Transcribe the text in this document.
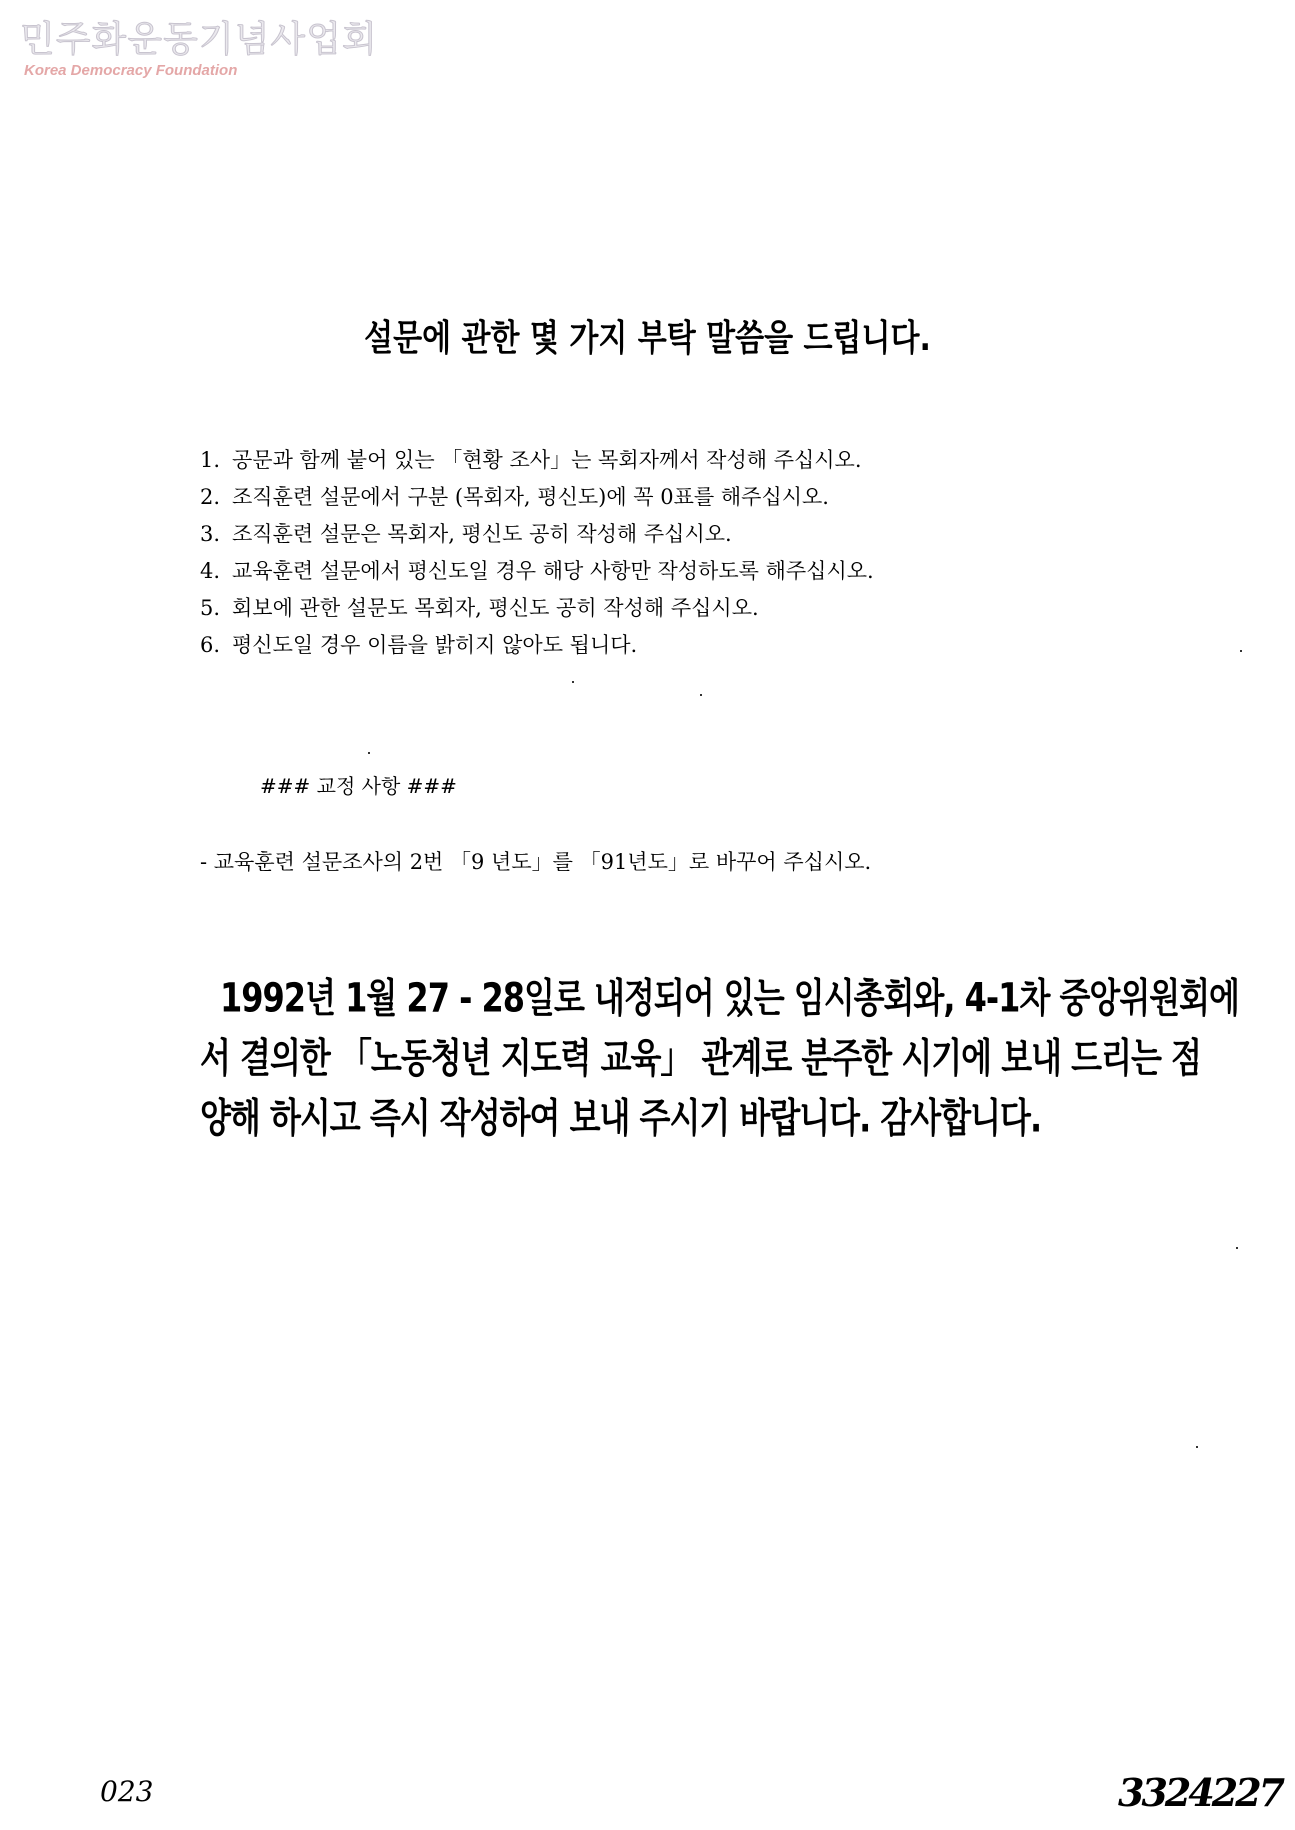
민주화운동기념사업회
Korea Democracy Foundation
설문에 관한 몇 가지 부탁 말씀을 드립니다.
1. 공문과 함께 붙어 있는 「현황 조사」는 목회자께서 작성해 주십시오.
2. 조직훈련 설문에서 구분 (목회자, 평신도)에 꼭 0표를 해주십시오.
3. 조직훈련 설문은 목회자, 평신도 공히 작성해 주십시오.
4. 교육훈련 설문에서 평신도일 경우 해당 사항만 작성하도록 해주십시오.
5. 회보에 관한 설문도 목회자, 평신도 공히 작성해 주십시오.
6. 평신도일 경우 이름을 밝히지 않아도 됩니다.
### 교정 사항 ###
- 교육훈련 설문조사의 2번 「9 년도」를 「91년도」로 바꾸어 주십시오.

1992년 1월 27 - 28일로 내정되어 있는 임시총회와, 4-1차 중앙위원회에

서 결의한 「노동청년 지도력 교육」 관계로 분주한 시기에 보내 드리는 점

양해 하시고 즉시 작성하여 보내 주시기 바랍니다. 감사합니다.

023	3324227
